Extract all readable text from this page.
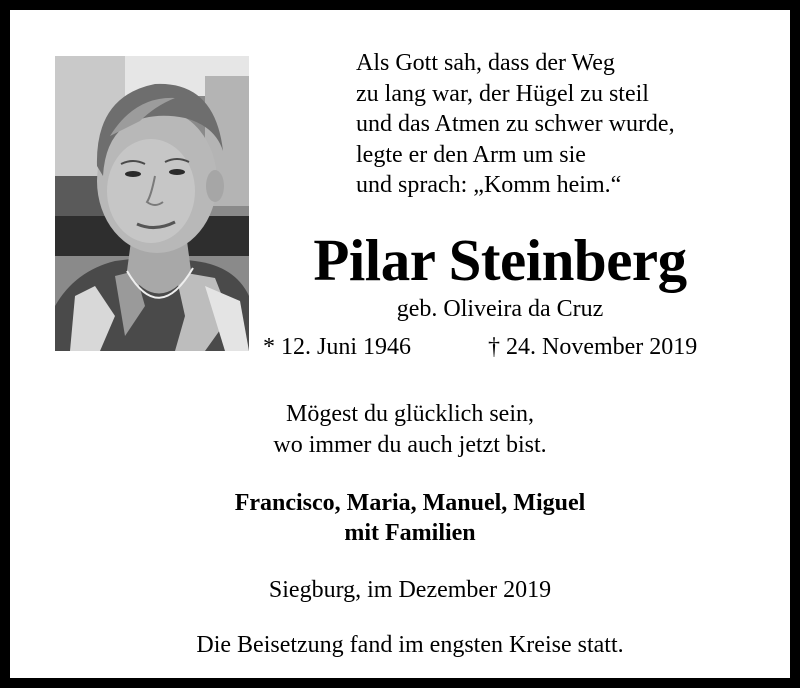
Als Gott sah, dass der Weg
zu lang war, der Hügel zu steil
und das Atmen zu schwer wurde,
legte er den Arm um sie
und sprach: „Komm heim.“
Pilar Steinberg
geb. Oliveira da Cruz
* 12. Juni 1946	† 24. November 2019
Mögest du glücklich sein,
wo immer du auch jetzt bist.
Francisco, Maria, Manuel, Miguel
mit Familien
Siegburg, im Dezember 2019
Die Beisetzung fand im engsten Kreise statt.
